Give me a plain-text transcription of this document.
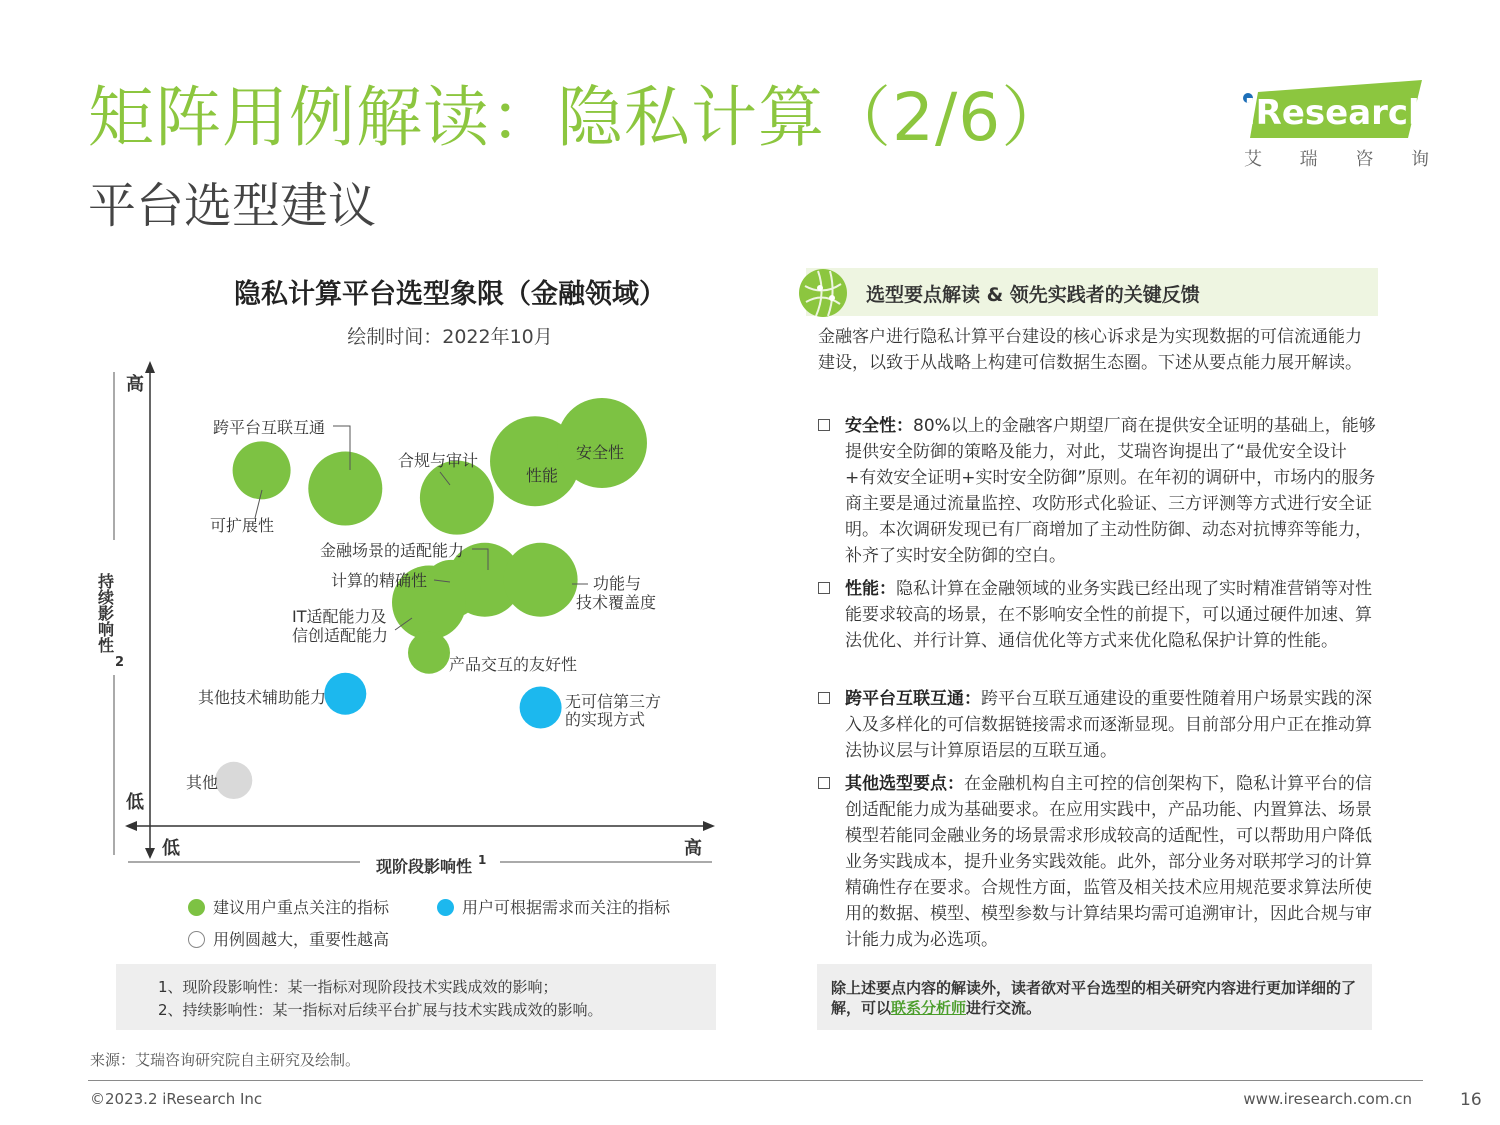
矩阵用例解读：隐私计算（2/6）
平台选型建议
iResearch
艾 瑞 咨 询
隐私计算平台选型象限（金融领域）
绘制时间：2022年10月
高
低
低	高
现阶段影响性 1
持续影响性
2
跨平台互联互通
可扩展性
合规与审计
性能
安全性
金融场景的适配能力
计算的精确性
产品交互的友好性
其他技术辅助能力
其他
功能与
技术覆盖度
IT适配能力及
信创适配能力
无可信第三方
的实现方式
建议用户重点关注的指标	用户可根据需求而关注的指标
用例圆越大，重要性越高
1、现阶段影响性：某一指标对现阶段技术实践成效的影响；
2、持续影响性：某一指标对后续平台扩展与技术实践成效的影响。
选型要点解读 & 领先实践者的关键反馈
金融客户进行隐私计算平台建设的核心诉求是为实现数据的可信流通能力建设，以致于从战略上构建可信数据生态圈。下述从要点能力展开解读。
安全性：80%以上的金融客户期望厂商在提供安全证明的基础上，能够提供安全防御的策略及能力，对此，艾瑞咨询提出了“最优安全设计+有效安全证明+实时安全防御”原则。在年初的调研中，市场内的服务商主要是通过流量监控、攻防形式化验证、三方评测等方式进行安全证明。本次调研发现已有厂商增加了主动性防御、动态对抗博弈等能力，补齐了实时安全防御的空白。
性能：隐私计算在金融领域的业务实践已经出现了实时精准营销等对性能要求较高的场景，在不影响安全性的前提下，可以通过硬件加速、算法优化、并行计算、通信优化等方式来优化隐私保护计算的性能。
跨平台互联互通：跨平台互联互通建设的重要性随着用户场景实践的深入及多样化的可信数据链接需求而逐渐显现。目前部分用户正在推动算法协议层与计算原语层的互联互通。
其他选型要点：在金融机构自主可控的信创架构下，隐私计算平台的信创适配能力成为基础要求。在应用实践中，产品功能、内置算法、场景模型若能同金融业务的场景需求形成较高的适配性，可以帮助用户降低业务实践成本，提升业务实践效能。此外，部分业务对联邦学习的计算精确性存在要求。合规性方面，监管及相关技术应用规范要求算法所使用的数据、模型、模型参数与计算结果均需可追溯审计，因此合规与审计能力成为必选项。
除上述要点内容的解读外，读者欲对平台选型的相关研究内容进行更加详细的了解，可以联系分析师进行交流。
来源：艾瑞咨询研究院自主研究及绘制。
©2023.2 iResearch Inc	www.iresearch.com.cn	16
